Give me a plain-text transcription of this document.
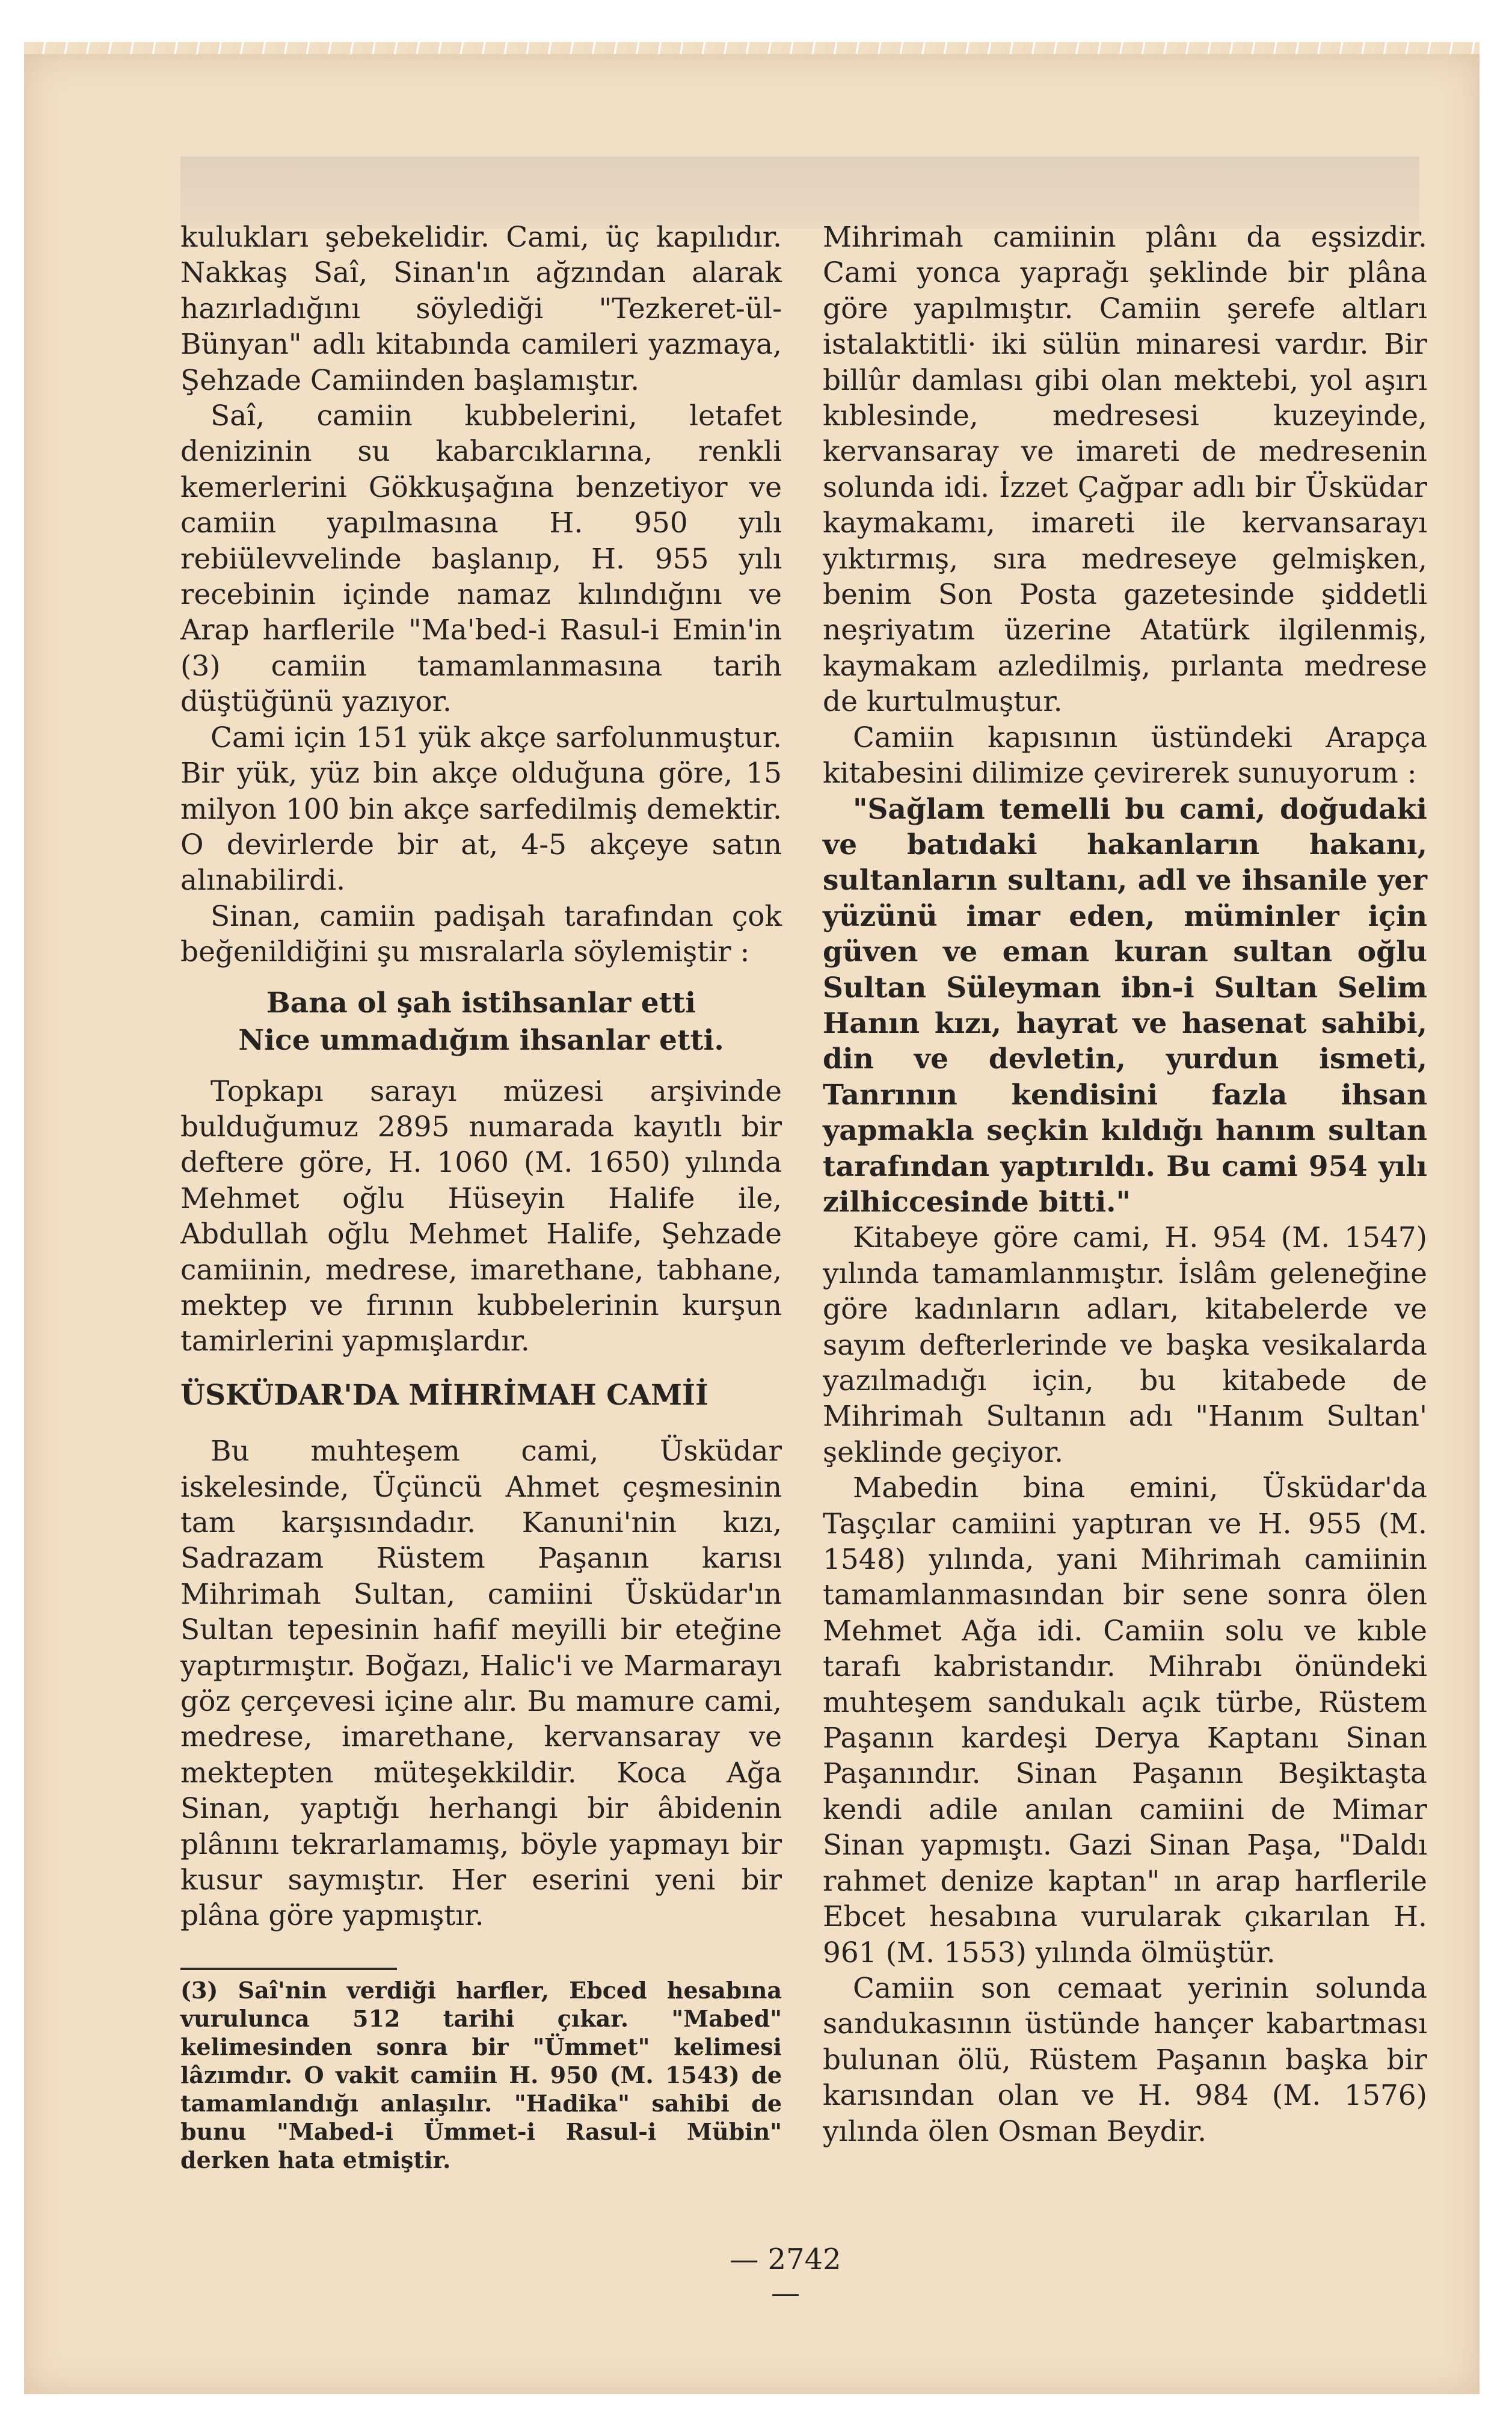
kulukları şebekelidir. Cami, üç kapılıdır. Nakkaş Saî, Sinan'ın ağzından alarak hazırladığını söylediği "Tezkeret-ül-Bünyan" adlı kitabında camileri yazmaya, Şehzade Camiinden başlamıştır.

Saî, camiin kubbelerini, letafet denizinin su kabarcıklarına, renkli kemerlerini Gökkuşağına benzetiyor ve camiin yapılmasına H. 950 yılı rebiülevvelinde başlanıp, H. 955 yılı recebinin içinde namaz kılındığını ve Arap harflerile "Ma'bed-i Rasul-i Emin'in (3) camiin tamamlanmasına tarih düştüğünü yazıyor.

Cami için 151 yük akçe sarfolunmuştur. Bir yük, yüz bin akçe olduğuna göre, 15 milyon 100 bin akçe sarfedilmiş demektir. O devirlerde bir at, 4-5 akçeye satın alınabilirdi.

Sinan, camiin padişah tarafından çok beğenildiğini şu mısralarla söylemiştir :

Bana ol şah istihsanlar etti
Nice ummadığım ihsanlar etti.

Topkapı sarayı müzesi arşivinde bulduğumuz 2895 numarada kayıtlı bir deftere göre, H. 1060 (M. 1650) yılında Mehmet oğlu Hüseyin Halife ile, Abdullah oğlu Mehmet Halife, Şehzade camiinin, medrese, imarethane, tabhane, mektep ve fırının kubbelerinin kurşun tamirlerini yapmışlardır.

ÜSKÜDAR'DA MİHRİMAH CAMİİ

Bu muhteşem cami, Üsküdar iskelesinde, Üçüncü Ahmet çeşmesinin tam karşısındadır. Kanuni'nin kızı, Sadrazam Rüstem Paşanın karısı Mihrimah Sultan, camiini Üsküdar'ın Sultan tepesinin hafif meyilli bir eteğine yaptırmıştır. Boğazı, Halic'i ve Marmarayı göz çerçevesi içine alır. Bu mamure cami, medrese, imarethane, kervansaray ve mektepten müteşekkildir. Koca Ağa Sinan, yaptığı herhangi bir âbidenin plânını tekrarlamamış, böyle yapmayı bir kusur saymıştır. Her eserini yeni bir plâna göre yapmıştır.

(3) Saî'nin verdiği harfler, Ebced hesabına vurulunca 512 tarihi çıkar. "Mabed" kelimesinden sonra bir "Ümmet" kelimesi lâzımdır. O vakit camiin H. 950 (M. 1543) de tamamlandığı anlaşılır. "Hadika" sahibi de bunu "Mabed-i Ümmet-i Rasul-i Mübin" derken hata etmiştir.

Mihrimah camiinin plânı da eşsizdir. Cami yonca yaprağı şeklinde bir plâna göre yapılmıştır. Camiin şerefe altları istalaktitli· iki sülün minaresi vardır. Bir billûr damlası gibi olan mektebi, yol aşırı kıblesinde, medresesi kuzeyinde, kervansaray ve imareti de medresenin solunda idi. İzzet Çağpar adlı bir Üsküdar kaymakamı, imareti ile kervansarayı yıktırmış, sıra medreseye gelmişken, benim Son Posta gazetesinde şiddetli neşriyatım üzerine Atatürk ilgilenmiş, kaymakam azledilmiş, pırlanta medrese de kurtulmuştur.

Camiin kapısının üstündeki Arapça kitabesini dilimize çevirerek sunuyorum :

"Sağlam temelli bu cami, doğudaki ve batıdaki hakanların hakanı, sultanların sultanı, adl ve ihsanile yer yüzünü imar eden, müminler için güven ve eman kuran sultan oğlu Sultan Süleyman ibn-i Sultan Selim Hanın kızı, hayrat ve hasenat sahibi, din ve devletin, yurdun ismeti, Tanrının kendisini fazla ihsan yapmakla seçkin kıldığı hanım sultan tarafından yaptırıldı. Bu cami 954 yılı zilhiccesinde bitti."

Kitabeye göre cami, H. 954 (M. 1547) yılında tamamlanmıştır. İslâm geleneğine göre kadınların adları, kitabelerde ve sayım defterlerinde ve başka vesikalarda yazılmadığı için, bu kitabede de Mihrimah Sultanın adı "Hanım Sultan' şeklinde geçiyor.

Mabedin bina emini, Üsküdar'da Taşçılar camiini yaptıran ve H. 955 (M. 1548) yılında, yani Mihrimah camiinin tamamlanmasından bir sene sonra ölen Mehmet Ağa idi. Camiin solu ve kıble tarafı kabristandır. Mihrabı önündeki muhteşem sandukalı açık türbe, Rüstem Paşanın kardeşi Derya Kaptanı Sinan Paşanındır. Sinan Paşanın Beşiktaşta kendi adile anılan camiini de Mimar Sinan yapmıştı. Gazi Sinan Paşa, "Daldı rahmet denize kaptan" ın arap harflerile Ebcet hesabına vurularak çıkarılan H. 961 (M. 1553) yılında ölmüştür.

Camiin son cemaat yerinin solunda sandukasının üstünde hançer kabartması bulunan ölü, Rüstem Paşanın başka bir karısından olan ve H. 984 (M. 1576) yılında ölen Osman Beydir.

— 2742 —
